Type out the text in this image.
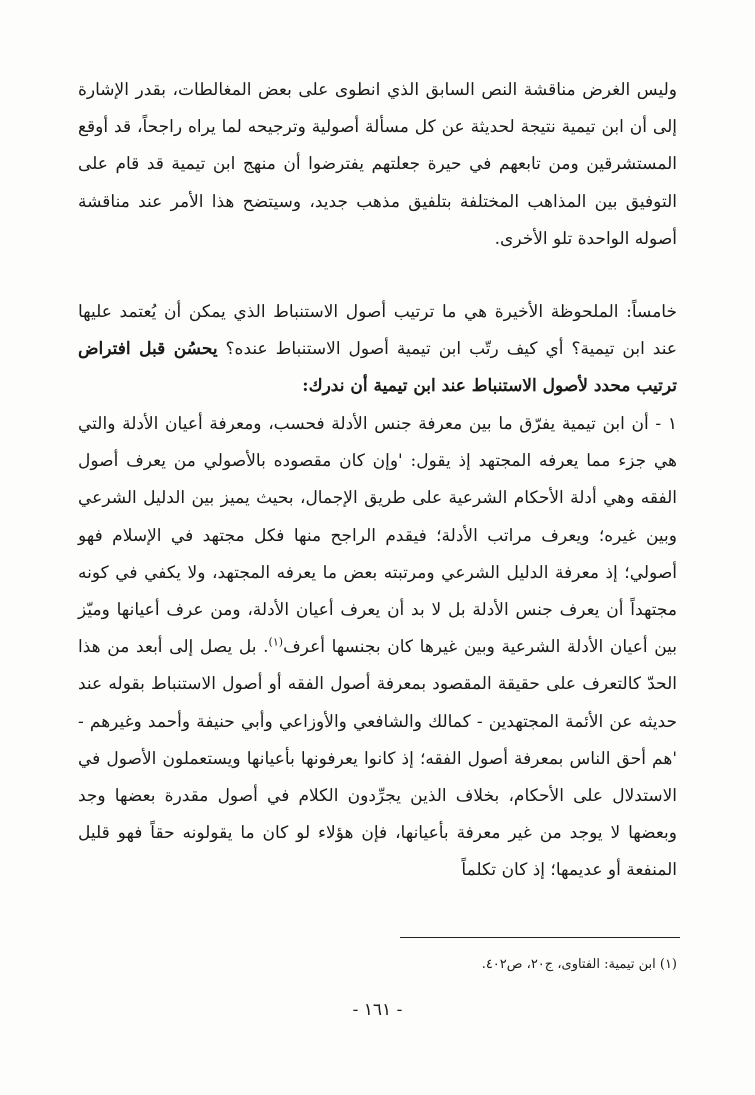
وليس الغرض مناقشة النص السابق الذي انطوى على بعض المغالطات، بقدر الإشارة إلى أن ابن تيمية نتيجة لحديثة عن كل مسألة أصولية وترجيحه لما يراه راجحاً، قد أوقع المستشرقين ومن تابعهم في حيرة جعلتهم يفترضوا أن منهج ابن تيمية قد قام على التوفيق بين المذاهب المختلفة بتلفيق مذهب جديد، وسيتضح هذا الأمر عند مناقشة أصوله الواحدة تلو الأخرى.

خامساً: الملحوظة الأخيرة هي ما ترتيب أصول الاستنباط الذي يمكن أن يُعتمد عليها عند ابن تيمية؟ أي كيف رتّب ابن تيمية أصول الاستنباط عنده؟ يحسُن قبل افتراض ترتيب محدد لأصول الاستنباط عند ابن تيمية أن ندرك:

١ - أن ابن تيمية يفرّق ما بين معرفة جنس الأدلة فحسب، ومعرفة أعيان الأدلة والتي هي جزء مما يعرفه المجتهد إذ يقول: 'وإن كان مقصوده بالأصولي من يعرف أصول الفقه وهي أدلة الأحكام الشرعية على طريق الإجمال، بحيث يميز بين الدليل الشرعي وبين غيره؛ ويعرف مراتب الأدلة؛ فيقدم الراجح منها فكل مجتهد في الإسلام فهو أصولي؛ إذ معرفة الدليل الشرعي ومرتبته بعض ما يعرفه المجتهد، ولا يكفي في كونه مجتهداً أن يعرف جنس الأدلة بل لا بد أن يعرف أعيان الأدلة، ومن عرف أعيانها وميّز بين أعيان الأدلة الشرعية وبين غيرها كان بجنسها أعرف$^{(١)}$. بل يصل إلى أبعد من هذا الحدّ كالتعرف على حقيقة المقصود بمعرفة أصول الفقه أو أصول الاستنباط بقوله عند حديثه عن الأئمة المجتهدين - كمالك والشافعي والأوزاعي وأبي حنيفة وأحمد وغيرهم - 'هم أحق الناس بمعرفة أصول الفقه؛ إذ كانوا يعرفونها بأعيانها ويستعملون الأصول في الاستدلال على الأحكام، بخلاف الذين يجرِّدون الكلام في أصول مقدرة بعضها وجد وبعضها لا يوجد من غير معرفة بأعيانها، فإن هؤلاء لو كان ما يقولونه حقاً فهو قليل المنفعة أو عديمها؛ إذ كان تكلماً

(١) ابن تيمية: الفتاوى، ج٢٠، ص٤٠٢.
- ١٦١ -
